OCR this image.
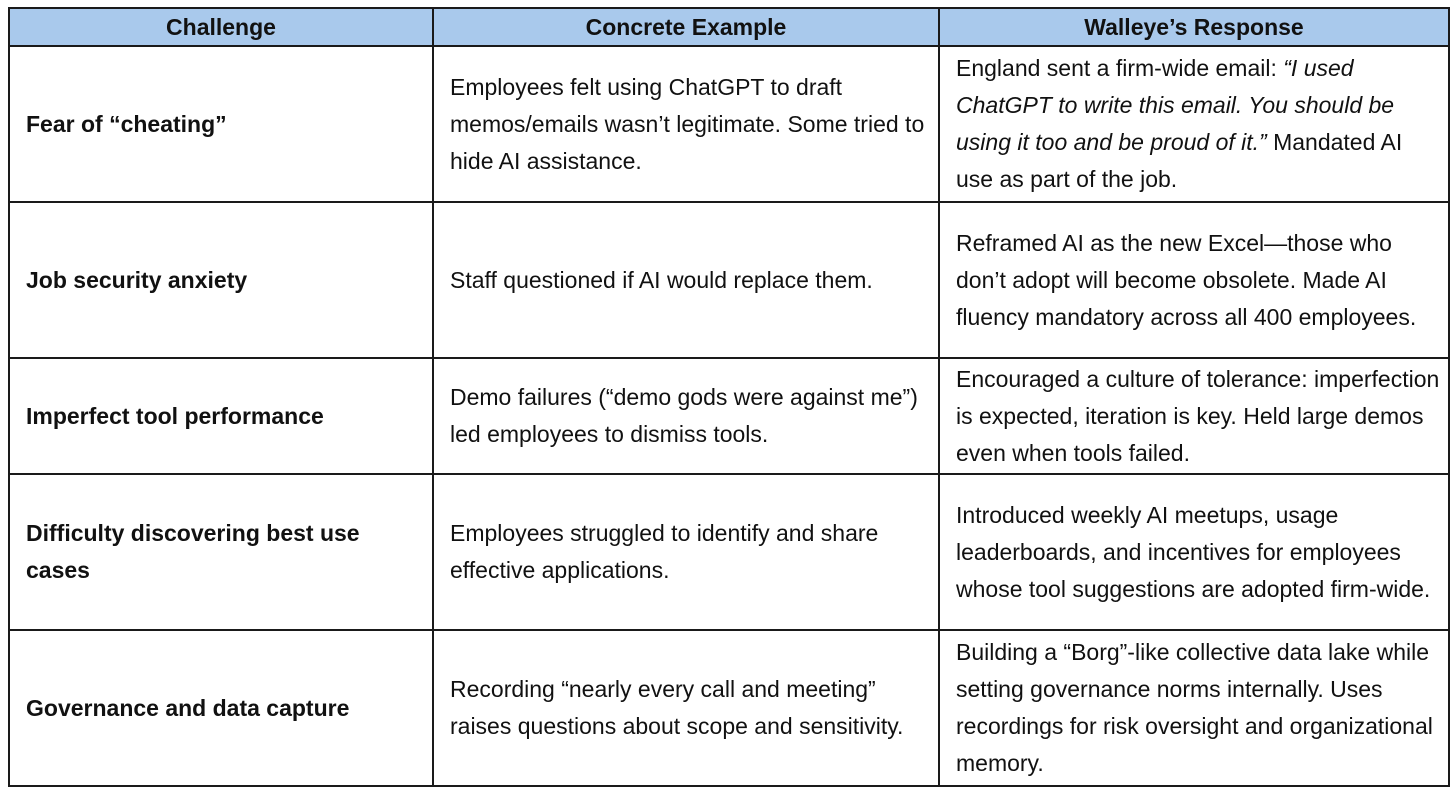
Challenge	Concrete Example	Walleye’s Response
Fear of “cheating”	Employees felt using ChatGPT to draft memos/emails wasn’t legitimate. Some tried to hide AI assistance.	England sent a firm-wide email: “I used ChatGPT to write this email. You should be using it too and be proud of it.” Mandated AI use as part of the job.
Job security anxiety	Staff questioned if AI would replace them.	Reframed AI as the new Excel—those who don’t adopt will become obsolete. Made AI fluency mandatory across all 400 employees.
Imperfect tool performance	Demo failures (“demo gods were against me”) led employees to dismiss tools.	Encouraged a culture of tolerance: imperfection is expected, iteration is key. Held large demos even when tools failed.
Difficulty discovering best use cases	Employees struggled to identify and share effective applications.	Introduced weekly AI meetups, usage leaderboards, and incentives for employees whose tool suggestions are adopted firm-wide.
Governance and data capture	Recording “nearly every call and meeting” raises questions about scope and sensitivity.	Building a “Borg”-like collective data lake while setting governance norms internally. Uses recordings for risk oversight and organizational memory.
